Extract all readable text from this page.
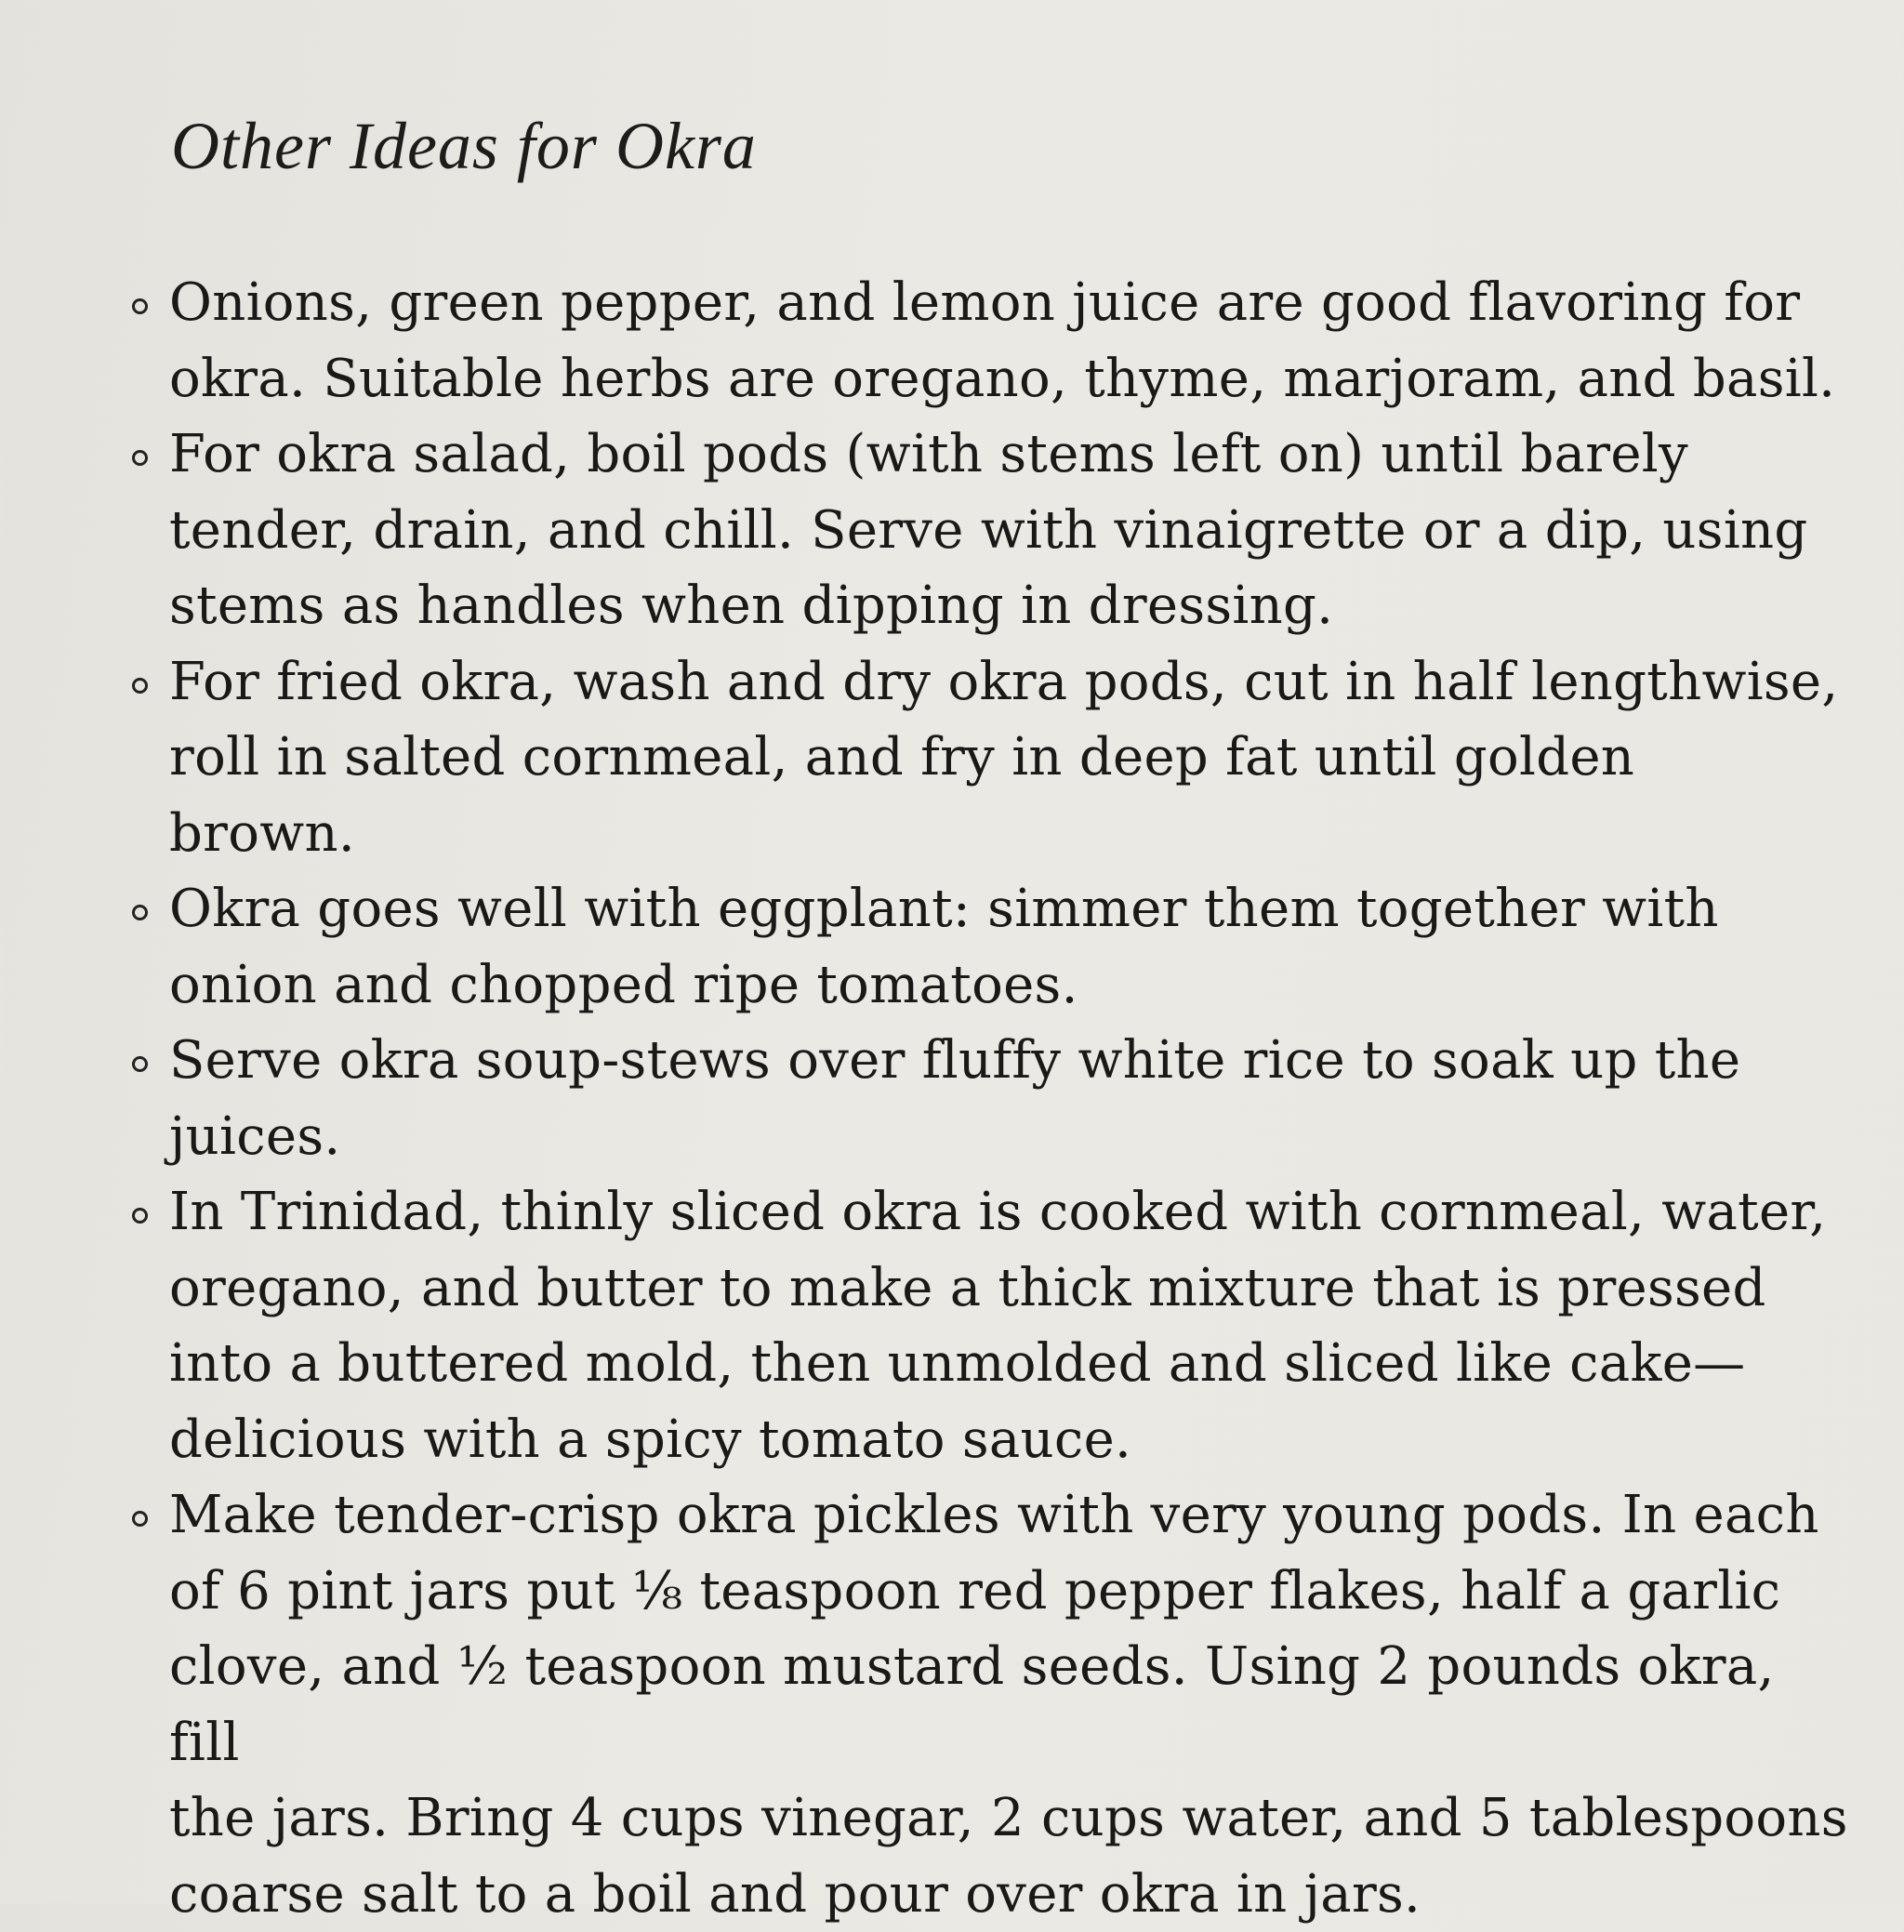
Other Ideas for Okra
Onions, green pepper, and lemon juice are good flavoring for
okra. Suitable herbs are oregano, thyme, marjoram, and basil.
For okra salad, boil pods (with stems left on) until barely
tender, drain, and chill. Serve with vinaigrette or a dip, using
stems as handles when dipping in dressing.
For fried okra, wash and dry okra pods, cut in half lengthwise,
roll in salted cornmeal, and fry in deep fat until golden
brown.
Okra goes well with eggplant: simmer them together with
onion and chopped ripe tomatoes.
Serve okra soup-stews over fluffy white rice to soak up the
juices.
In Trinidad, thinly sliced okra is cooked with cornmeal, water,
oregano, and butter to make a thick mixture that is pressed
into a buttered mold, then unmolded and sliced like cake—
delicious with a spicy tomato sauce.
Make tender-crisp okra pickles with very young pods. In each
of 6 pint jars put ⅛ teaspoon red pepper flakes, half a garlic
clove, and ½ teaspoon mustard seeds. Using 2 pounds okra, fill
the jars. Bring 4 cups vinegar, 2 cups water, and 5 tablespoons
coarse salt to a boil and pour over okra in jars.
